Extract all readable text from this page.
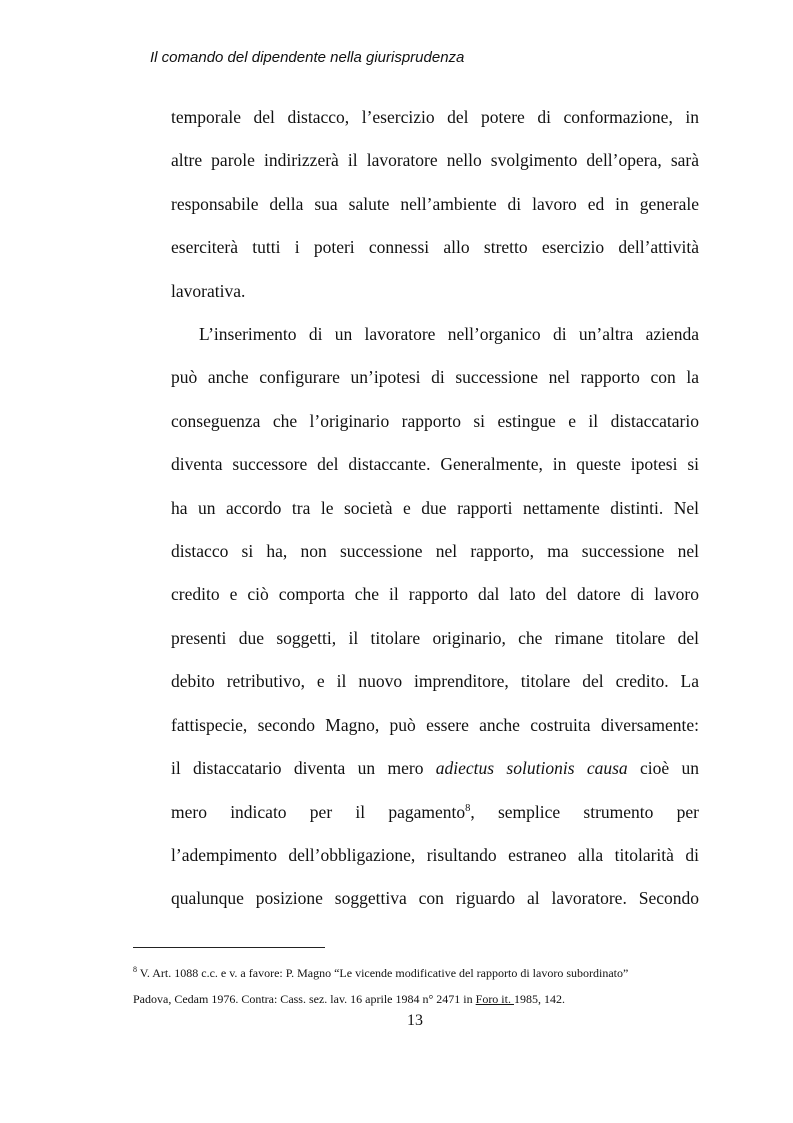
Il comando del dipendente nella giurisprudenza

temporale del distacco, l’esercizio del potere di conformazione, in
altre parole indirizzerà il lavoratore nello svolgimento dell’opera, sarà
responsabile della sua salute nell’ambiente di lavoro ed in generale
eserciterà tutti i poteri connessi allo stretto esercizio dell’attività
lavorativa.

L’inserimento di un lavoratore nell’organico di un’altra azienda
può anche configurare un’ipotesi di successione nel rapporto con la
conseguenza che l’originario rapporto si estingue e il distaccatario
diventa successore del distaccante. Generalmente, in queste ipotesi si
ha un accordo tra le società e due rapporti nettamente distinti. Nel
distacco si ha, non successione nel rapporto, ma successione nel
credito e ciò comporta che il rapporto dal lato del datore di lavoro
presenti due soggetti, il titolare originario, che rimane titolare del
debito retributivo, e il nuovo imprenditore, titolare del credito. La
fattispecie, secondo Magno, può essere anche costruita diversamente:
il distaccatario diventa un mero adiectus solutionis causa cioè un
mero indicato per il pagamento$^8$, semplice strumento per
l’adempimento dell’obbligazione, risultando estraneo alla titolarità di
qualunque posizione soggettiva con riguardo al lavoratore. Secondo

$^8$ V. Art. 1088 c.c. e v. a favore: P. Magno “Le vicende modificative del rapporto di lavoro subordinato”
Padova, Cedam 1976. Contra: Cass. sez. lav. 16 aprile 1984 n° 2471 in Foro it. 1985, 142.
13
